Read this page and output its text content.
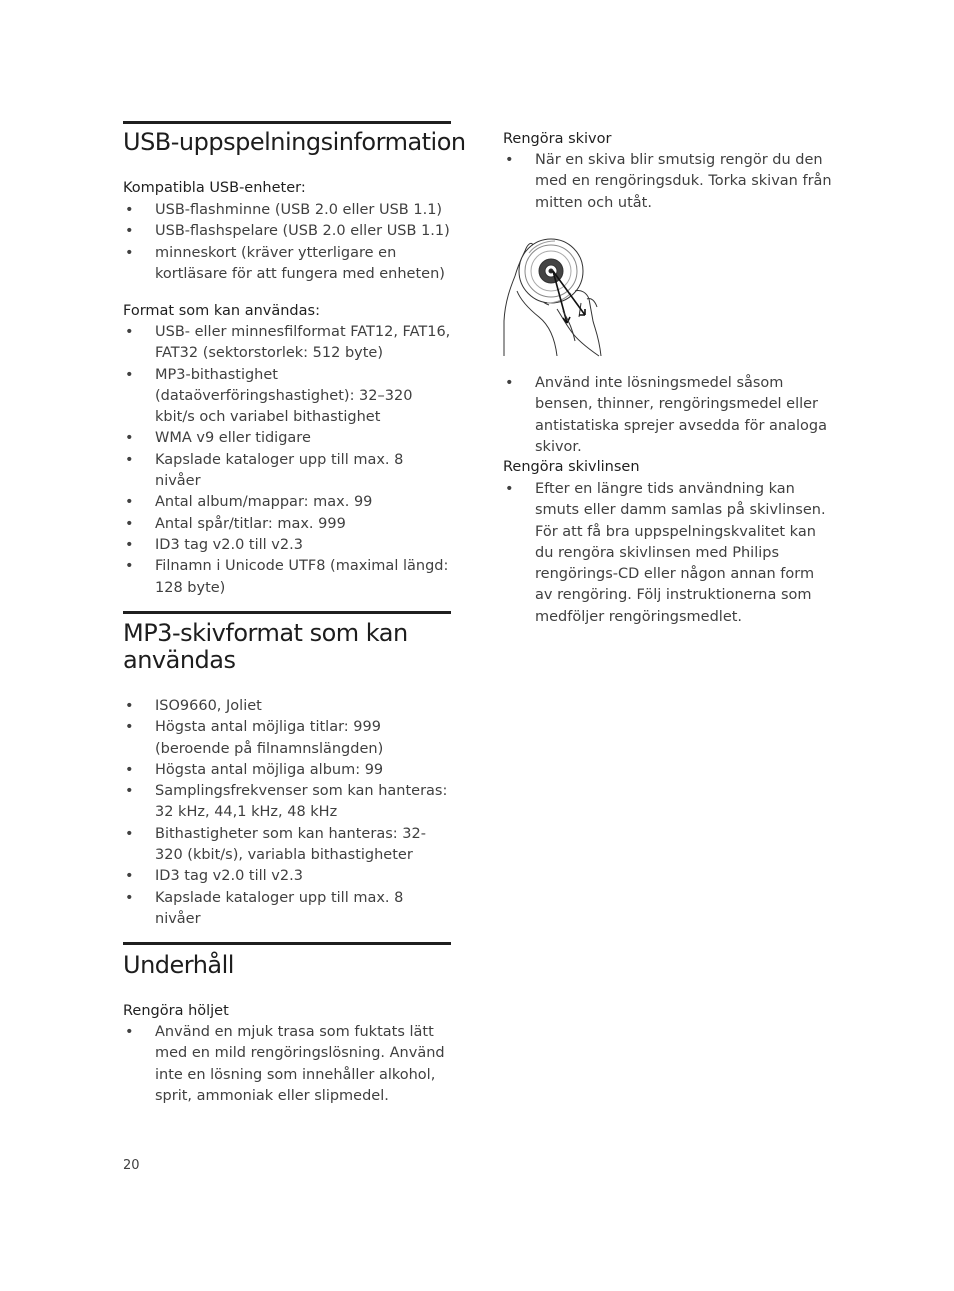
USB-uppspelningsinformation

Kompatibla USB-enheter:

• USB-flashminne (USB 2.0 eller USB 1.1)
• USB-flashspelare (USB 2.0 eller USB 1.1)
• minneskort (kräver ytterligare en kortläsare för att fungera med enheten)

Format som kan användas:

• USB- eller minnesfilformat FAT12, FAT16, FAT32 (sektorstorlek: 512 byte)
• MP3-bithastighet (dataöverföringshastighet): 32–320 kbit/s och variabel bithastighet
• WMA v9 eller tidigare
• Kapslade kataloger upp till max. 8 nivåer
• Antal album/mappar: max. 99
• Antal spår/titlar: max. 999
• ID3 tag v2.0 till v2.3
• Filnamn i Unicode UTF8 (maximal längd: 128 byte)
MP3-skivformat som kan
användas
• ISO9660, Joliet
• Högsta antal möjliga titlar: 999 (beroende på filnamnslängden)
• Högsta antal möjliga album: 99
• Samplingsfrekvenser som kan hanteras: 32 kHz, 44,1 kHz, 48 kHz
• Bithastigheter som kan hanteras: 32-320 (kbit/s), variabla bithastigheter
• ID3 tag v2.0 till v2.3
• Kapslade kataloger upp till max. 8 nivåer
Underhåll

Rengöra höljet

• Använd en mjuk trasa som fuktats lätt med en mild rengöringslösning. Använd inte en lösning som innehåller alkohol, sprit, ammoniak eller slipmedel.

Rengöra skivor

• När en skiva blir smutsig rengör du den med en rengöringsduk. Torka skivan från mitten och utåt.
• Använd inte lösningsmedel såsom bensen, thinner, rengöringsmedel eller antistatiska sprejer avsedda för analoga skivor.

Rengöra skivlinsen

• Efter en längre tids användning kan smuts eller damm samlas på skivlinsen. För att få bra uppspelningskvalitet kan du rengöra skivlinsen med Philips rengörings-CD eller någon annan form av rengöring. Följ instruktionerna som medföljer rengöringsmedlet.
20
